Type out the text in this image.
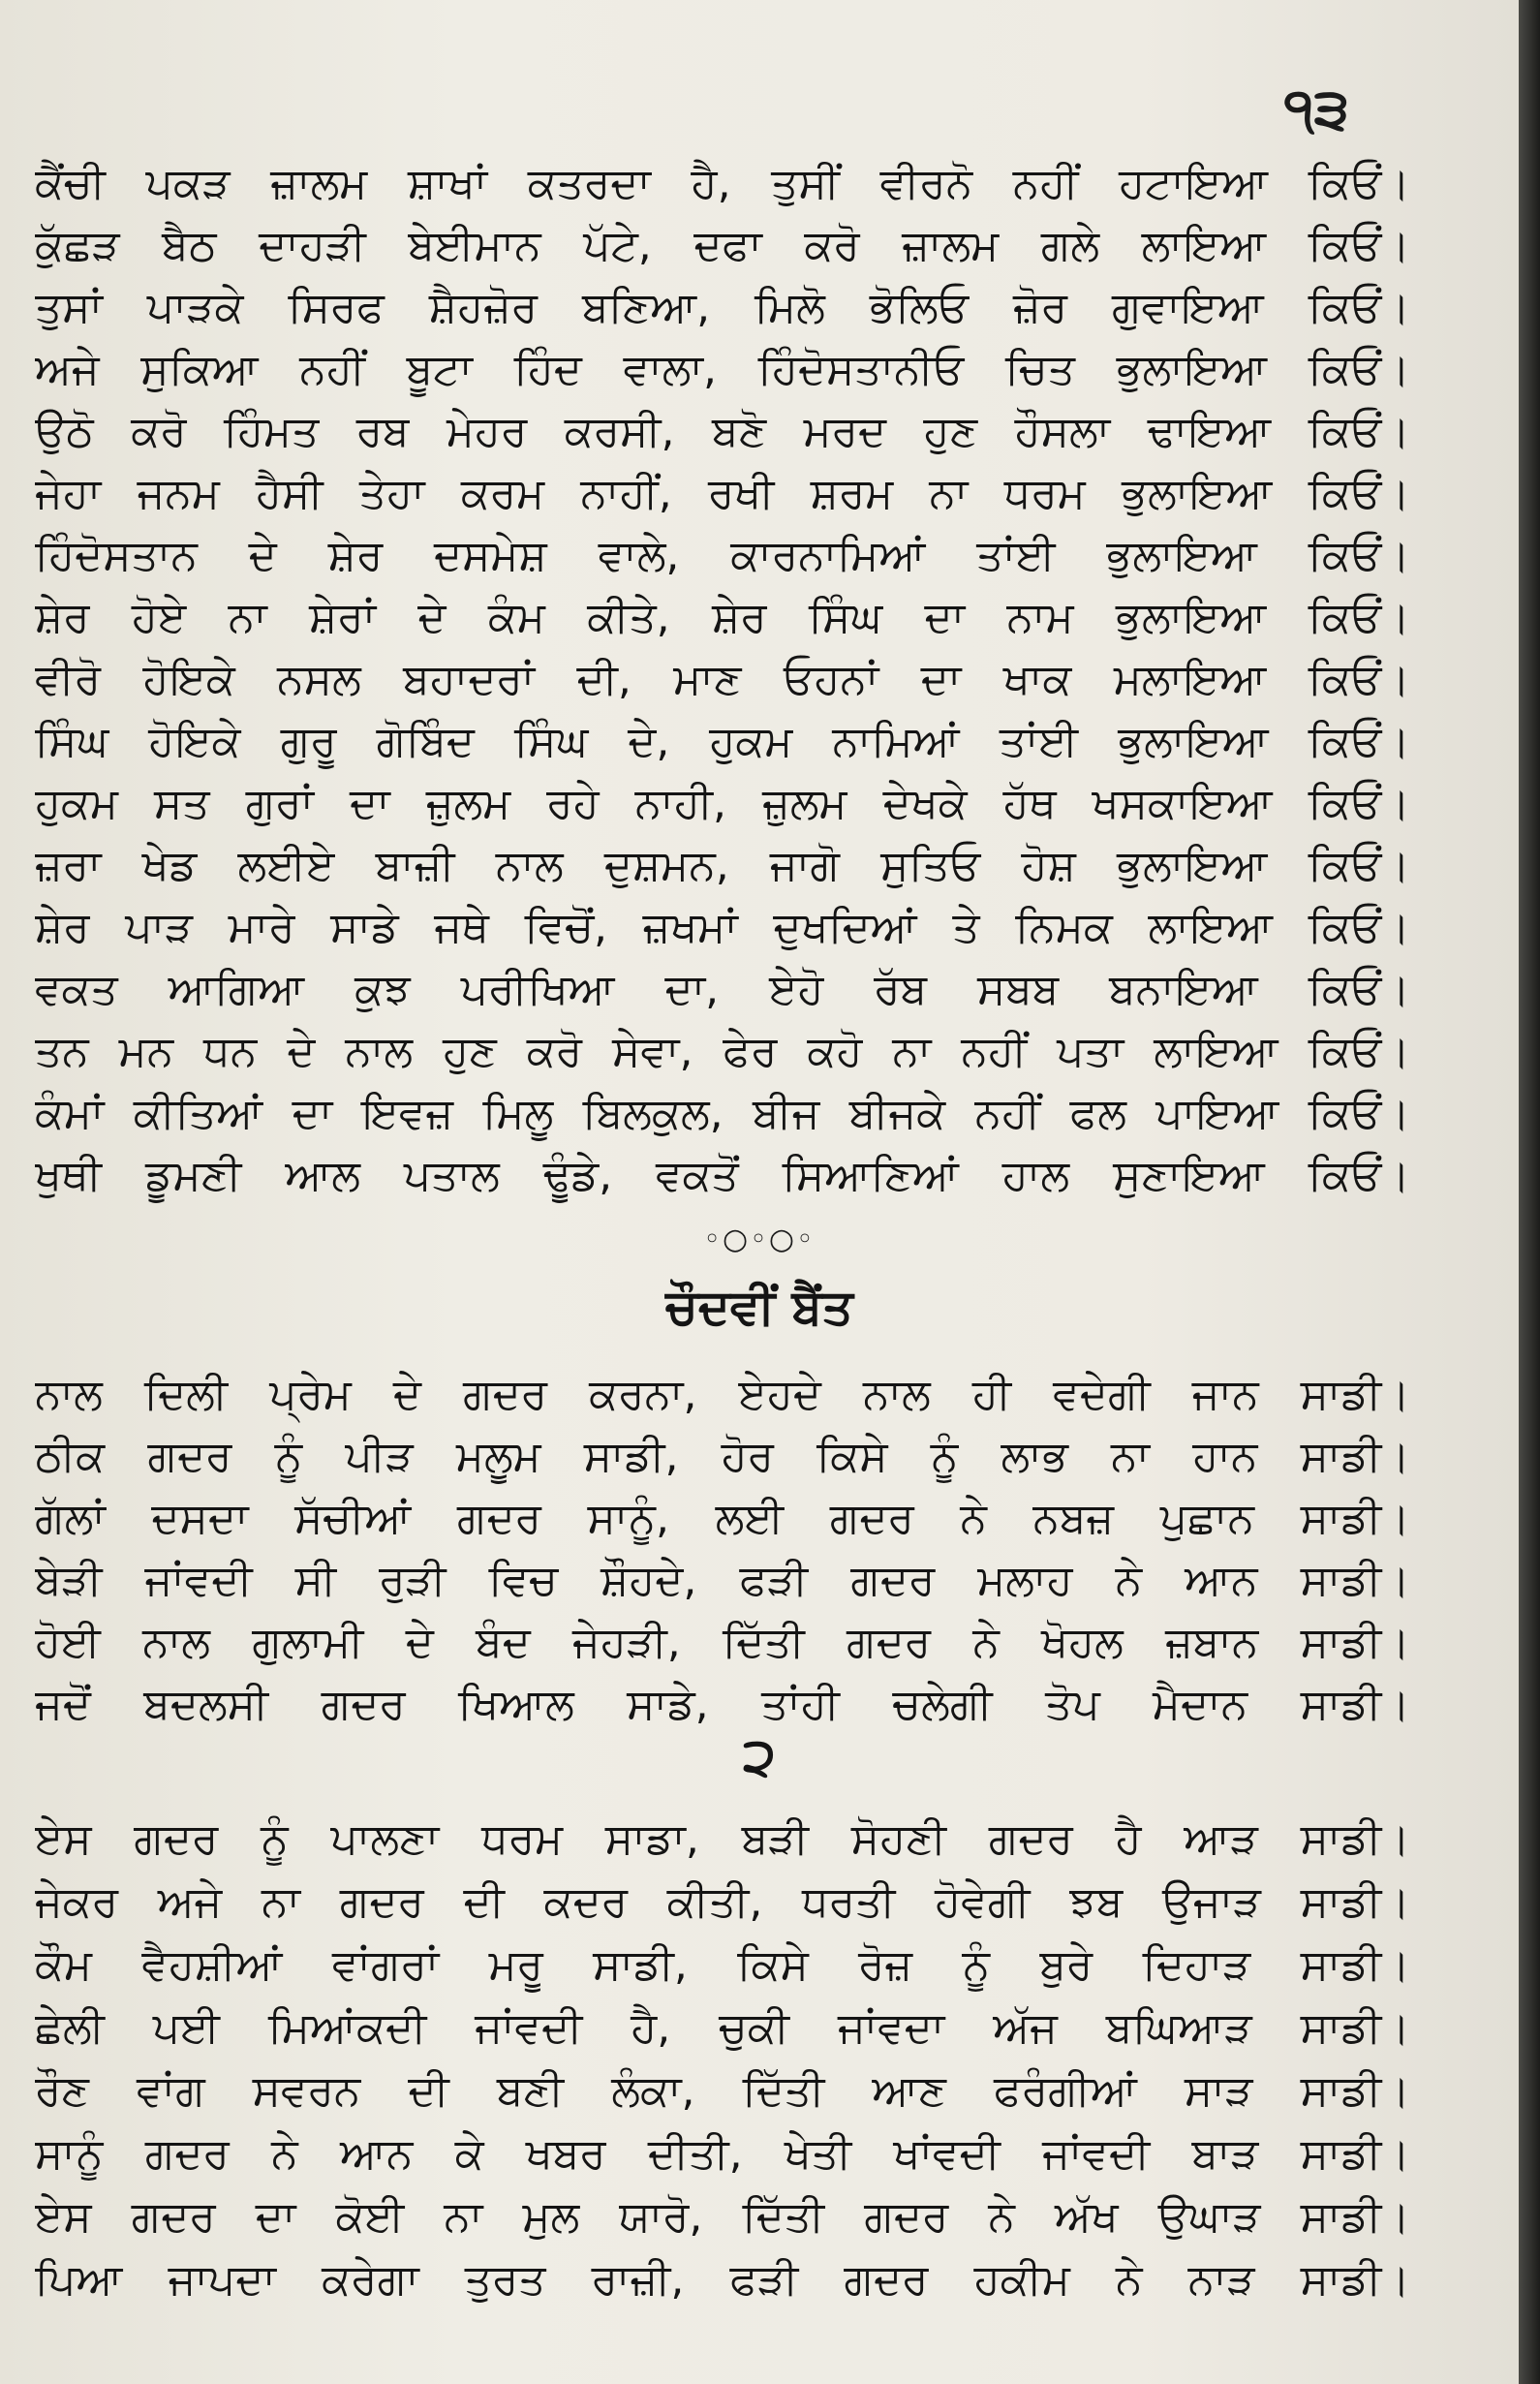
੧੩
ਕੈਂਚੀ ਪਕੜ ਜ਼ਾਲਮ ਸ਼ਾਖਾਂ ਕਤਰਦਾ ਹੈ, ਤੁਸੀਂ ਵੀਰਨੋ ਨਹੀਂ ਹਟਾਇਆ ਕਿਓਂ।
ਕੁੱਛੜ ਬੈਠ ਦਾਹੜੀ ਬੇਈਮਾਨ ਪੱਟੇ, ਦਫਾ ਕਰੋ ਜ਼ਾਲਮ ਗਲੇ ਲਾਇਆ ਕਿਓਂ।
ਤੁਸਾਂ ਪਾੜਕੇ ਸਿਰਫ ਸ਼ੈਹਜ਼ੋਰ ਬਣਿਆ, ਮਿਲੋ ਭੋਲਿਓ ਜ਼ੋਰ ਗੁਵਾਇਆ ਕਿਓਂ।
ਅਜੇ ਸੁਕਿਆ ਨਹੀਂ ਬੂਟਾ ਹਿੰਦ ਵਾਲਾ, ਹਿੰਦੋਸਤਾਨੀਓ ਚਿਤ ਭੁਲਾਇਆ ਕਿਓਂ।
ਉਠੋ ਕਰੋ ਹਿੰਮਤ ਰਬ ਮੇਹਰ ਕਰਸੀ, ਬਣੋ ਮਰਦ ਹੁਣ ਹੌਸਲਾ ਢਾਇਆ ਕਿਓਂ।
ਜੇਹਾ ਜਨਮ ਹੈਸੀ ਤੇਹਾ ਕਰਮ ਨਾਹੀਂ, ਰਖੀ ਸ਼ਰਮ ਨਾ ਧਰਮ ਭੁਲਾਇਆ ਕਿਓਂ।
ਹਿੰਦੋਸਤਾਨ ਦੇ ਸ਼ੇਰ ਦਸਮੇਸ਼ ਵਾਲੇ, ਕਾਰਨਾਮਿਆਂ ਤਾਂਈ ਭੁਲਾਇਆ ਕਿਓਂ।
ਸ਼ੇਰ ਹੋਏ ਨਾ ਸ਼ੇਰਾਂ ਦੇ ਕੰਮ ਕੀਤੇ, ਸ਼ੇਰ ਸਿੰਘ ਦਾ ਨਾਮ ਭੁਲਾਇਆ ਕਿਓਂ।
ਵੀਰੋ ਹੋਇਕੇ ਨਸਲ ਬਹਾਦਰਾਂ ਦੀ, ਮਾਣ ਓਹਨਾਂ ਦਾ ਖਾਕ ਮਲਾਇਆ ਕਿਓਂ।
ਸਿੰਘ ਹੋਇਕੇ ਗੁਰੂ ਗੋਬਿੰਦ ਸਿੰਘ ਦੇ, ਹੁਕਮ ਨਾਮਿਆਂ ਤਾਂਈ ਭੁਲਾਇਆ ਕਿਓਂ।
ਹੁਕਮ ਸਤ ਗੁਰਾਂ ਦਾ ਜ਼ੁਲਮ ਰਹੇ ਨਾਹੀ, ਜ਼ੁਲਮ ਦੇਖਕੇ ਹੱਥ ਖਸਕਾਇਆ ਕਿਓਂ।
ਜ਼ਰਾ ਖੇਡ ਲਈਏ ਬਾਜ਼ੀ ਨਾਲ ਦੁਸ਼ਮਨ, ਜਾਗੋ ਸੁਤਿਓ ਹੋਸ਼ ਭੁਲਾਇਆ ਕਿਓਂ।
ਸ਼ੇਰ ਪਾੜ ਮਾਰੇ ਸਾਡੇ ਜਥੇ ਵਿਚੋਂ, ਜ਼ਖਮਾਂ ਦੁਖਦਿਆਂ ਤੇ ਨਿਮਕ ਲਾਇਆ ਕਿਓਂ।
ਵਕਤ ਆਗਿਆ ਕੁਝ ਪਰੀਖਿਆ ਦਾ, ਏਹੋ ਰੱਬ ਸਬਬ ਬਨਾਇਆ ਕਿਓਂ।
ਤਨ ਮਨ ਧਨ ਦੇ ਨਾਲ ਹੁਣ ਕਰੋ ਸੇਵਾ, ਫੇਰ ਕਹੋ ਨਾ ਨਹੀਂ ਪਤਾ ਲਾਇਆ ਕਿਓਂ।
ਕੰਮਾਂ ਕੀਤਿਆਂ ਦਾ ਇਵਜ਼ ਮਿਲੂ ਬਿਲਕੁਲ, ਬੀਜ ਬੀਜਕੇ ਨਹੀਂ ਫਲ ਪਾਇਆ ਕਿਓਂ।
ਖੁਥੀ ਡੂਮਣੀ ਆਲ ਪਤਾਲ ਢੂੰਡੇ, ਵਕਤੋਂ ਸਿਆਣਿਆਂ ਹਾਲ ਸੁਣਾਇਆ ਕਿਓਂ।
◦○◦○◦
ਚੌਦਵੀਂ ਬੈਂਤ
ਨਾਲ ਦਿਲੀ ਪ੍ਰੇਮ ਦੇ ਗਦਰ ਕਰਨਾ, ਏਹਦੇ ਨਾਲ ਹੀ ਵਦੇਗੀ ਜਾਨ ਸਾਡੀ।
ਠੀਕ ਗਦਰ ਨੂੰ ਪੀੜ ਮਲੂਮ ਸਾਡੀ, ਹੋਰ ਕਿਸੇ ਨੂੰ ਲਾਭ ਨਾ ਹਾਨ ਸਾਡੀ।
ਗੱਲਾਂ ਦਸਦਾ ਸੱਚੀਆਂ ਗਦਰ ਸਾਨੂੰ, ਲਈ ਗਦਰ ਨੇ ਨਬਜ਼ ਪੁਛਾਨ ਸਾਡੀ।
ਬੇੜੀ ਜਾਂਵਦੀ ਸੀ ਰੁੜੀ ਵਿਚ ਸ਼ੌਹਦੇ, ਫੜੀ ਗਦਰ ਮਲਾਹ ਨੇ ਆਨ ਸਾਡੀ।
ਹੋਈ ਨਾਲ ਗੁਲਾਮੀ ਦੇ ਬੰਦ ਜੇਹੜੀ, ਦਿੱਤੀ ਗਦਰ ਨੇ ਖੋਹਲ ਜ਼ਬਾਨ ਸਾਡੀ।
ਜਦੋਂ ਬਦਲਸੀ ਗਦਰ ਖਿਆਲ ਸਾਡੇ, ਤਾਂਹੀ ਚਲੇਗੀ ਤੋਪ ਮੈਦਾਨ ਸਾਡੀ।
੨
ਏਸ ਗਦਰ ਨੂੰ ਪਾਲਣਾ ਧਰਮ ਸਾਡਾ, ਬੜੀ ਸੋਹਣੀ ਗਦਰ ਹੈ ਆੜ ਸਾਡੀ।
ਜੇਕਰ ਅਜੇ ਨਾ ਗਦਰ ਦੀ ਕਦਰ ਕੀਤੀ, ਧਰਤੀ ਹੋਵੇਗੀ ਝਬ ਉਜਾੜ ਸਾਡੀ।
ਕੌਮ ਵੈਹਸ਼ੀਆਂ ਵਾਂਗਰਾਂ ਮਰੂ ਸਾਡੀ, ਕਿਸੇ ਰੋਜ਼ ਨੂੰ ਬੁਰੇ ਦਿਹਾੜ ਸਾਡੀ।
ਛੇਲੀ ਪਈ ਮਿਆਂਕਦੀ ਜਾਂਵਦੀ ਹੈ, ਚੁਕੀ ਜਾਂਵਦਾ ਅੱਜ ਬਘਿਆੜ ਸਾਡੀ।
ਰੌਣ ਵਾਂਗ ਸਵਰਨ ਦੀ ਬਣੀ ਲੰਕਾ, ਦਿੱਤੀ ਆਣ ਫਰੰਗੀਆਂ ਸਾੜ ਸਾਡੀ।
ਸਾਨੂੰ ਗਦਰ ਨੇ ਆਨ ਕੇ ਖਬਰ ਦੀਤੀ, ਖੇਤੀ ਖਾਂਵਦੀ ਜਾਂਵਦੀ ਬਾੜ ਸਾਡੀ।
ਏਸ ਗਦਰ ਦਾ ਕੋਈ ਨਾ ਮੁਲ ਯਾਰੋ, ਦਿੱਤੀ ਗਦਰ ਨੇ ਅੱਖ ਉਘਾੜ ਸਾਡੀ।
ਪਿਆ ਜਾਪਦਾ ਕਰੇਗਾ ਤੁਰਤ ਰਾਜ਼ੀ, ਫੜੀ ਗਦਰ ਹਕੀਮ ਨੇ ਨਾੜ ਸਾਡੀ।
